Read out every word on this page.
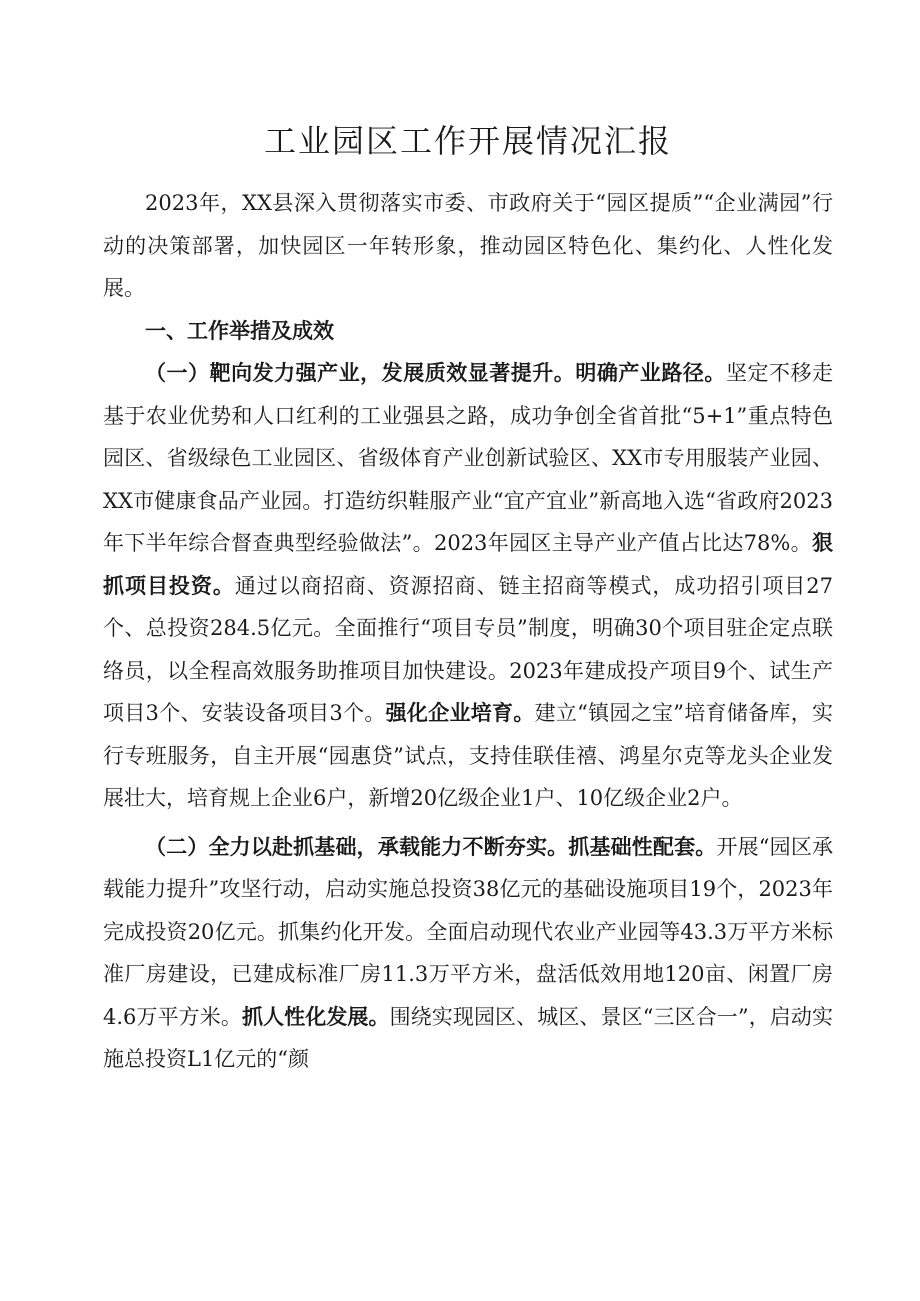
工业园区工作开展情况汇报

2023年，XX县深入贯彻落实市委、市政府关于“园区提质”“企业满园”行动的决策部署，加快园区一年转形象，推动园区特色化、集约化、人性化发展。

一、工作举措及成效

（一）靶向发力强产业，发展质效显著提升。明确产业路径。坚定不移走基于农业优势和人口红利的工业强县之路，成功争创全省首批“5+1”重点特色园区、省级绿色工业园区、省级体育产业创新试验区、XX市专用服装产业园、XX市健康食品产业园。打造纺织鞋服产业“宜产宜业”新高地入选“省政府2023年下半年综合督查典型经验做法”。2023年园区主导产业产值占比达78%。狠抓项目投资。通过以商招商、资源招商、链主招商等模式，成功招引项目27个、总投资284.5亿元。全面推行“项目专员”制度，明确30个项目驻企定点联络员，以全程高效服务助推项目加快建设。2023年建成投产项目9个、试生产项目3个、安装设备项目3个。强化企业培育。建立“镇园之宝”培育储备库，实行专班服务，自主开展“园惠贷”试点，支持佳联佳禧、鸿星尔克等龙头企业发展壮大，培育规上企业6户，新增20亿级企业1户、10亿级企业2户。

（二）全力以赴抓基础，承载能力不断夯实。抓基础性配套。开展“园区承载能力提升”攻坚行动，启动实施总投资38亿元的基础设施项目19个，2023年完成投资20亿元。抓集约化开发。全面启动现代农业产业园等43.3万平方米标准厂房建设，已建成标准厂房11.3万平方米，盘活低效用地120亩、闲置厂房4.6万平方米。抓人性化发展。围绕实现园区、城区、景区“三区合一”，启动实施总投资L1亿元的“颜
